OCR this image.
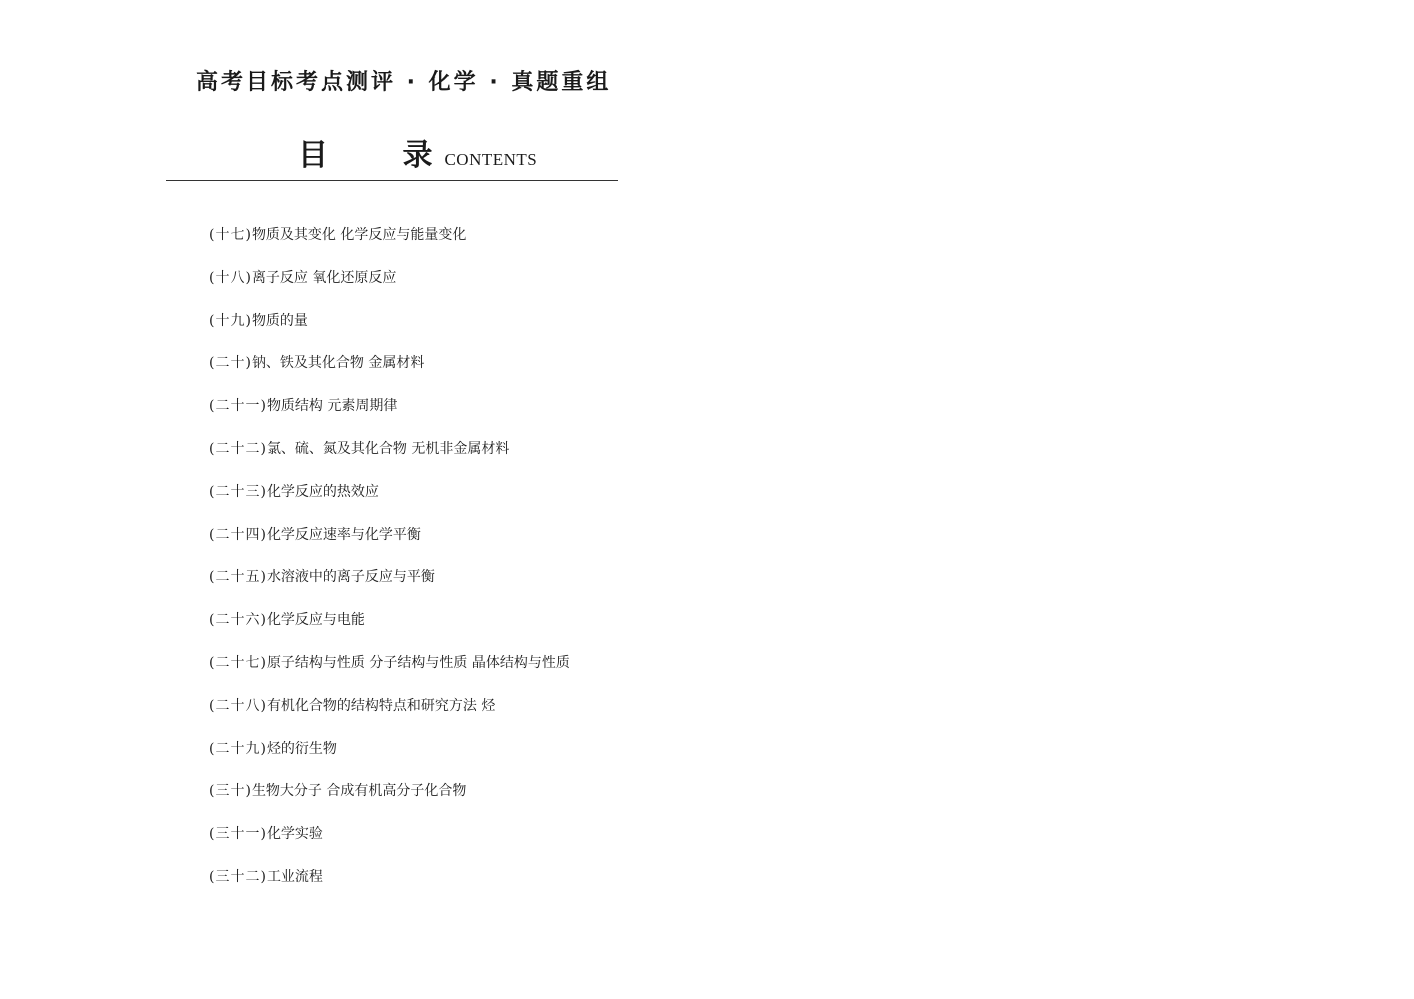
高考目标考点测评 · 化学 · 真题重组
目 录
CONTENTS
(十七) 物质及其变化 化学反应与能量变化
(十八) 离子反应 氧化还原反应
(十九) 物质的量
(二十) 钠、铁及其化合物 金属材料
(二十一) 物质结构 元素周期律
(二十二) 氯、硫、氮及其化合物 无机非金属材料
(二十三) 化学反应的热效应
(二十四) 化学反应速率与化学平衡
(二十五) 水溶液中的离子反应与平衡
(二十六) 化学反应与电能
(二十七) 原子结构与性质 分子结构与性质 晶体结构与性质
(二十八) 有机化合物的结构特点和研究方法 烃
(二十九) 烃的衍生物
(三十) 生物大分子 合成有机高分子化合物
(三十一) 化学实验
(三十二) 工业流程
